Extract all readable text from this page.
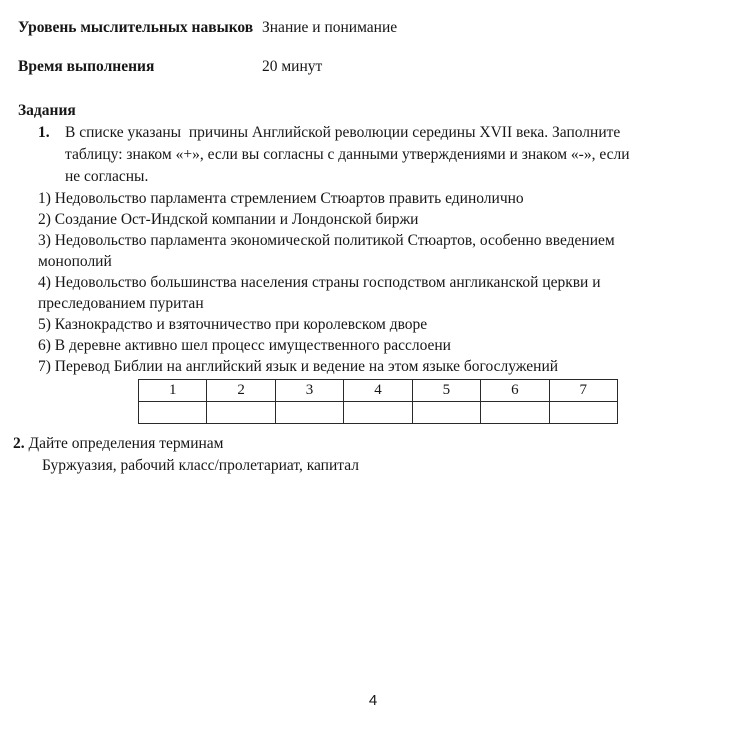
Уровень мыслительных навыков Знание и понимание
Время выполнения	20 минут
Задания
1. В списке указаны  причины Английской революции середины XVII века. Заполните
таблицу: знаком «+», если вы согласны с данными утверждениями и знаком «-», если
не согласны.
1) Недовольство парламента стремлением Стюартов править единолично
2) Создание Ост-Индской компании и Лондонской биржи
3) Недовольство парламента экономической политикой Стюартов, особенно введением
монополий
4) Недовольство большинства населения страны господством англиканской церкви и
преследованием пуритан
5) Казнокрадство и взяточничество при королевском дворе
6) В деревне активно шел процесс имущественного расслоени
7) Перевод Библии на английский язык и ведение на этом языке богослужений
1	2	3	4	5	6	7

2. Дайте определения терминам
Буржуазия, рабочий класс/пролетариат, капитал
4
